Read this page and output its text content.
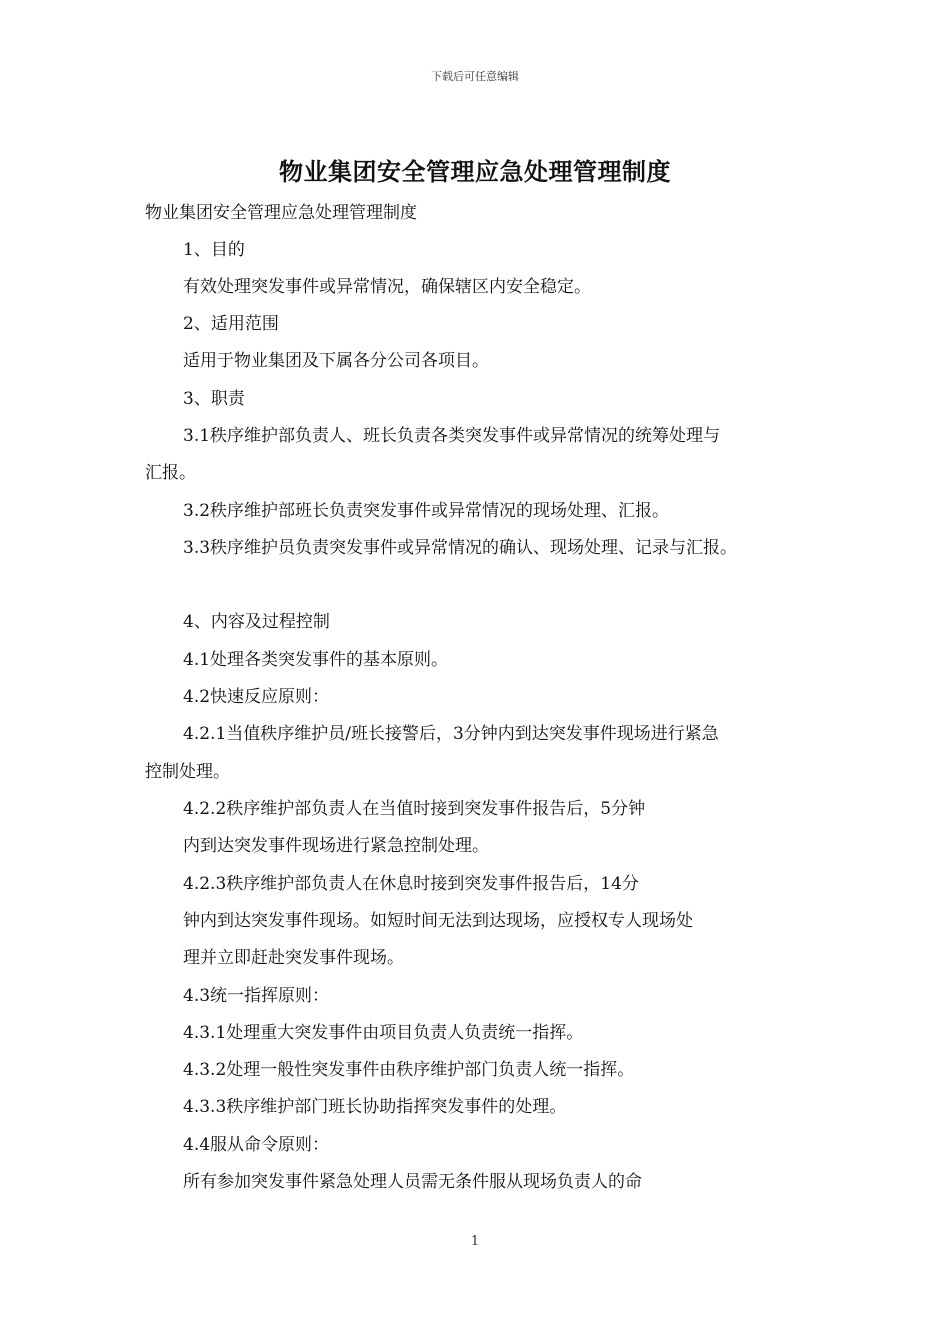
下载后可任意编辑
物业集团安全管理应急处理管理制度
物业集团安全管理应急处理管理制度
1、目的
有效处理突发事件或异常情况，确保辖区内安全稳定。
2、适用范围
适用于物业集团及下属各分公司各项目。
3、职责
3.1秩序维护部负责人、班长负责各类突发事件或异常情况的统筹处理与
汇报。
3.2秩序维护部班长负责突发事件或异常情况的现场处理、汇报。
3.3秩序维护员负责突发事件或异常情况的确认、现场处理、记录与汇报。
4、内容及过程控制
4.1处理各类突发事件的基本原则。
4.2快速反应原则：
4.2.1当值秩序维护员/班长接警后，3分钟内到达突发事件现场进行紧急
控制处理。
4.2.2秩序维护部负责人在当值时接到突发事件报告后，5分钟
内到达突发事件现场进行紧急控制处理。
4.2.3秩序维护部负责人在休息时接到突发事件报告后，14分
钟内到达突发事件现场。如短时间无法到达现场，应授权专人现场处
理并立即赶赴突发事件现场。
4.3统一指挥原则：
4.3.1处理重大突发事件由项目负责人负责统一指挥。
4.3.2处理一般性突发事件由秩序维护部门负责人统一指挥。
4.3.3秩序维护部门班长协助指挥突发事件的处理。
4.4服从命令原则：
所有参加突发事件紧急处理人员需无条件服从现场负责人的命
1
